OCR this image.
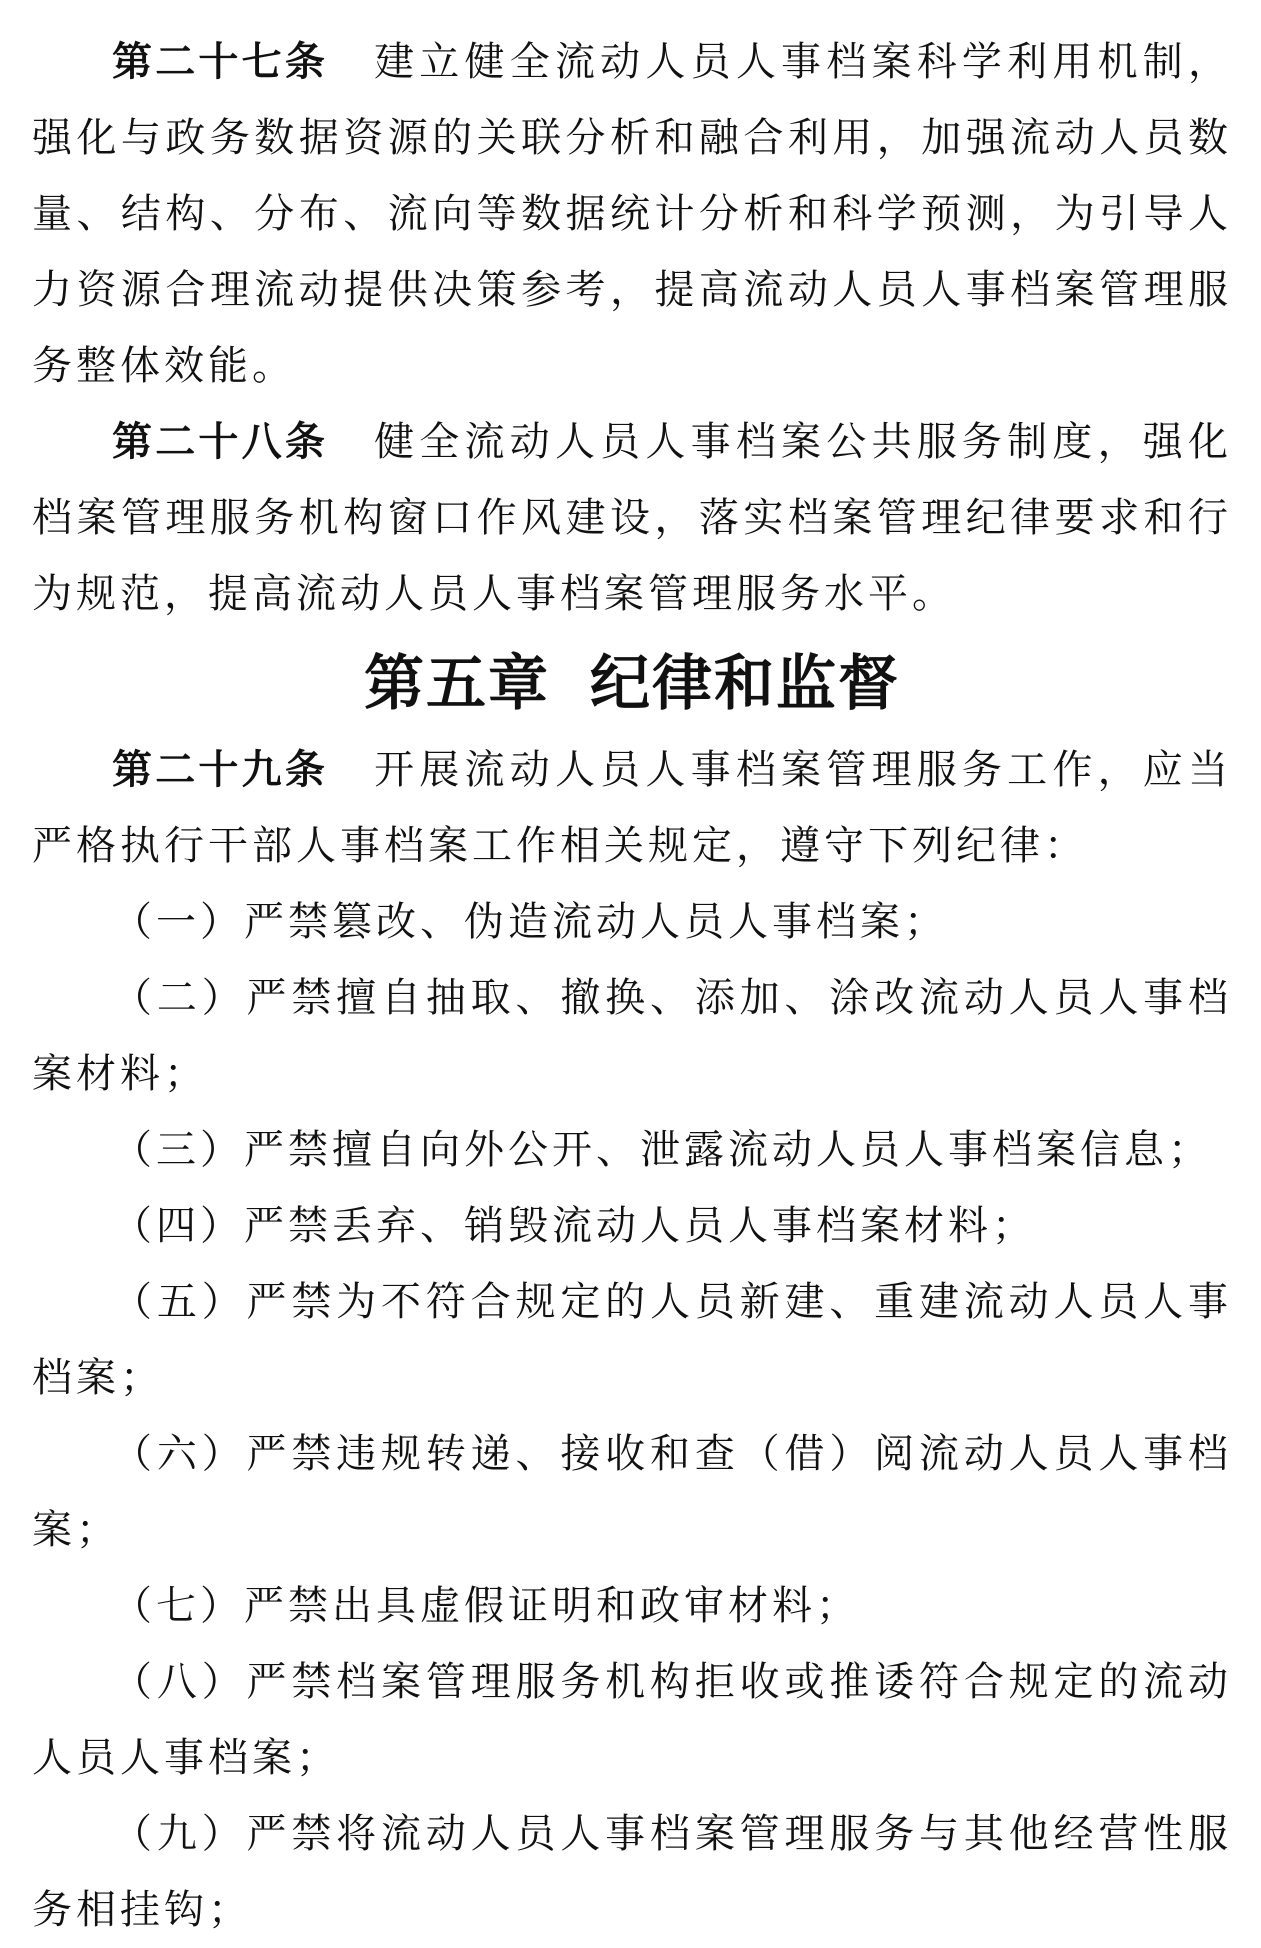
第二十七条 建立健全流动人员人事档案科学利用机制，强化与政务数据资源的关联分析和融合利用，加强流动人员数量、结构、分布、流向等数据统计分析和科学预测，为引导人力资源合理流动提供决策参考，提高流动人员人事档案管理服务整体效能。

第二十八条 健全流动人员人事档案公共服务制度，强化档案管理服务机构窗口作风建设，落实档案管理纪律要求和行为规范，提高流动人员人事档案管理服务水平。

第五章 纪律和监督

第二十九条 开展流动人员人事档案管理服务工作，应当严格执行干部人事档案工作相关规定，遵守下列纪律：

（一）严禁篡改、伪造流动人员人事档案；

（二）严禁擅自抽取、撤换、添加、涂改流动人员人事档案材料；

（三）严禁擅自向外公开、泄露流动人员人事档案信息；

（四）严禁丢弃、销毁流动人员人事档案材料；

（五）严禁为不符合规定的人员新建、重建流动人员人事档案；

（六）严禁违规转递、接收和查（借）阅流动人员人事档案；

（七）严禁出具虚假证明和政审材料；

（八）严禁档案管理服务机构拒收或推诿符合规定的流动人员人事档案；

（九）严禁将流动人员人事档案管理服务与其他经营性服务相挂钩；
